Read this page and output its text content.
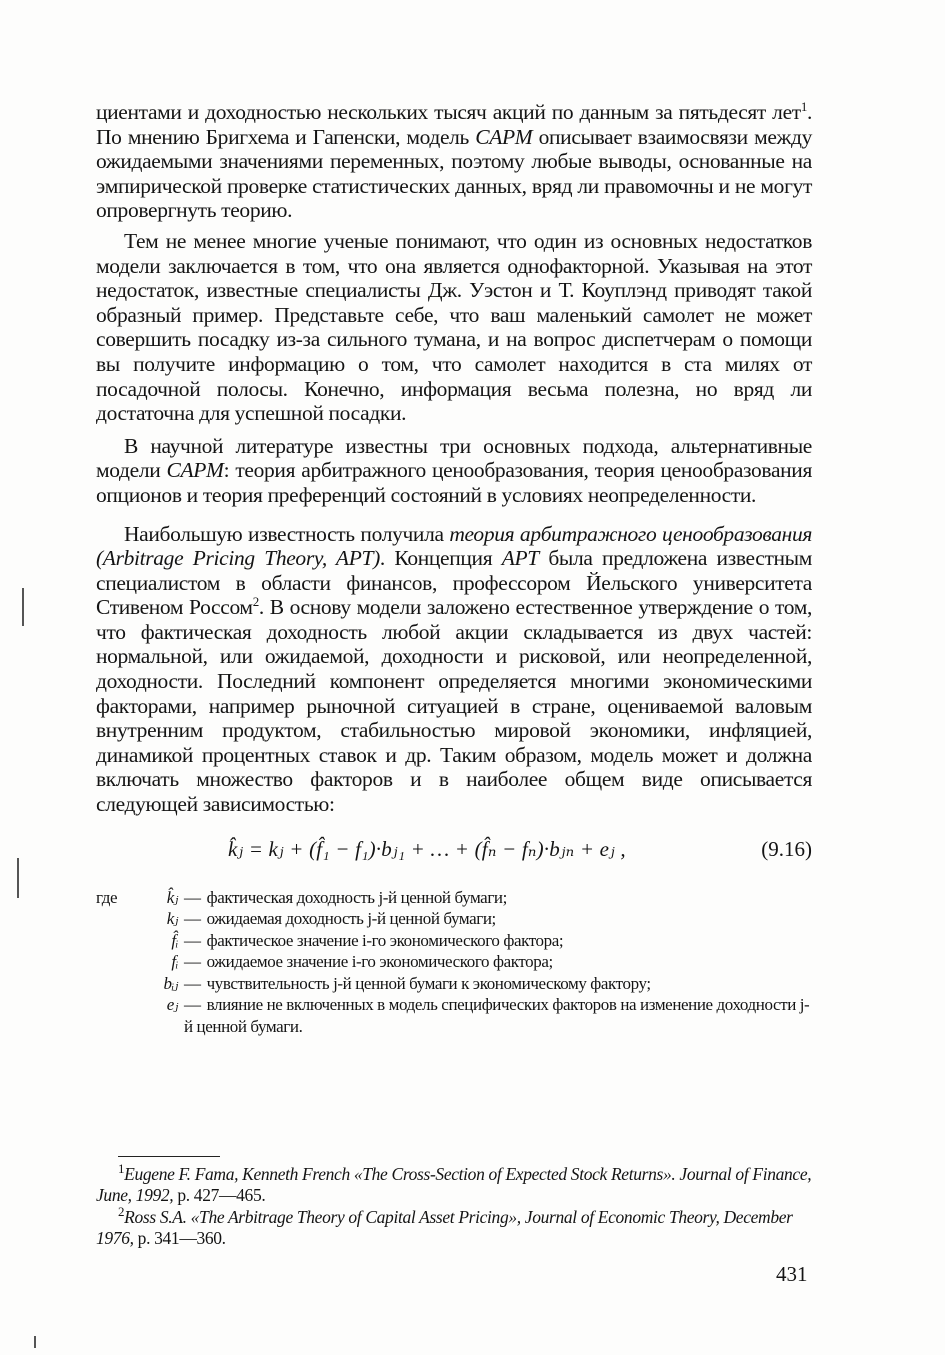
циентами и доходностью нескольких тысяч акций по данным за пятьдесят лет$^1$. По мнению Бригхема и Гапенски, модель CAPM описывает взаимосвязи между ожидаемыми значениями переменных, поэтому любые выводы, основанные на эмпирической проверке статистических данных, вряд ли правомочны и не могут опровергнуть теорию.

Тем не менее многие ученые понимают, что один из основных недостатков модели заключается в том, что она является однофакторной. Указывая на этот недостаток, известные специалисты Дж. Уэстон и Т. Коуплэнд приводят такой образный пример. Представьте себе, что ваш маленький самолет не может совершить посадку из-за сильного тумана, и на вопрос диспетчерам о помощи вы получите информацию о том, что самолет находится в ста милях от посадочной полосы. Конечно, информация весьма полезна, но вряд ли достаточна для успешной посадки.

В научной литературе известны три основных подхода, альтернативные модели CAPM: теория арбитражного ценообразования, теория ценообразования опционов и теория преференций состояний в условиях неопределенности.

Наибольшую известность получила теория арбитражного ценообразования (Arbitrage Pricing Theory, APT). Концепция APT была предложена известным специалистом в области финансов, профессором Йельского университета Стивеном Россом$^2$. В основу модели заложено естественное утверждение о том, что фактическая доходность любой акции складывается из двух частей: нормальной, или ожидаемой, доходности и рисковой, или неопределенной, доходности. Последний компонент определяется многими экономическими факторами, например рыночной ситуацией в стране, оцениваемой валовым внутренним продуктом, стабильностью мировой экономики, инфляцией, динамикой процентных ставок и др. Таким образом, модель может и должна включать множество факторов и в наиболее общем виде описывается следующей зависимостью:

k̂ⱼ = kⱼ + (f̂₁ − f₁)·bⱼ₁ + … + (f̂ₙ − fₙ)·bⱼₙ + eⱼ ,	(9.16)
где	k̂ⱼ — фактическая доходность j-й ценной бумаги;
kⱼ — ожидаемая доходность j-й ценной бумаги;
f̂ᵢ — фактическое значение i-го экономического фактора;
fᵢ — ожидаемое значение i-го экономического фактора;
bᵢⱼ — чувствительность j-й ценной бумаги к экономическому фактору;
eⱼ — влияние не включенных в модель специфических факторов на изменение доходности j-й ценной бумаги.
$^1$Eugene F. Fama, Kenneth French «The Cross-Section of Expected Stock Returns». Journal of Finance, June, 1992, p. 427—465.
$^2$Ross S.A. «The Arbitrage Theory of Capital Asset Pricing», Journal of Economic Theory, December 1976, p. 341—360.
431
